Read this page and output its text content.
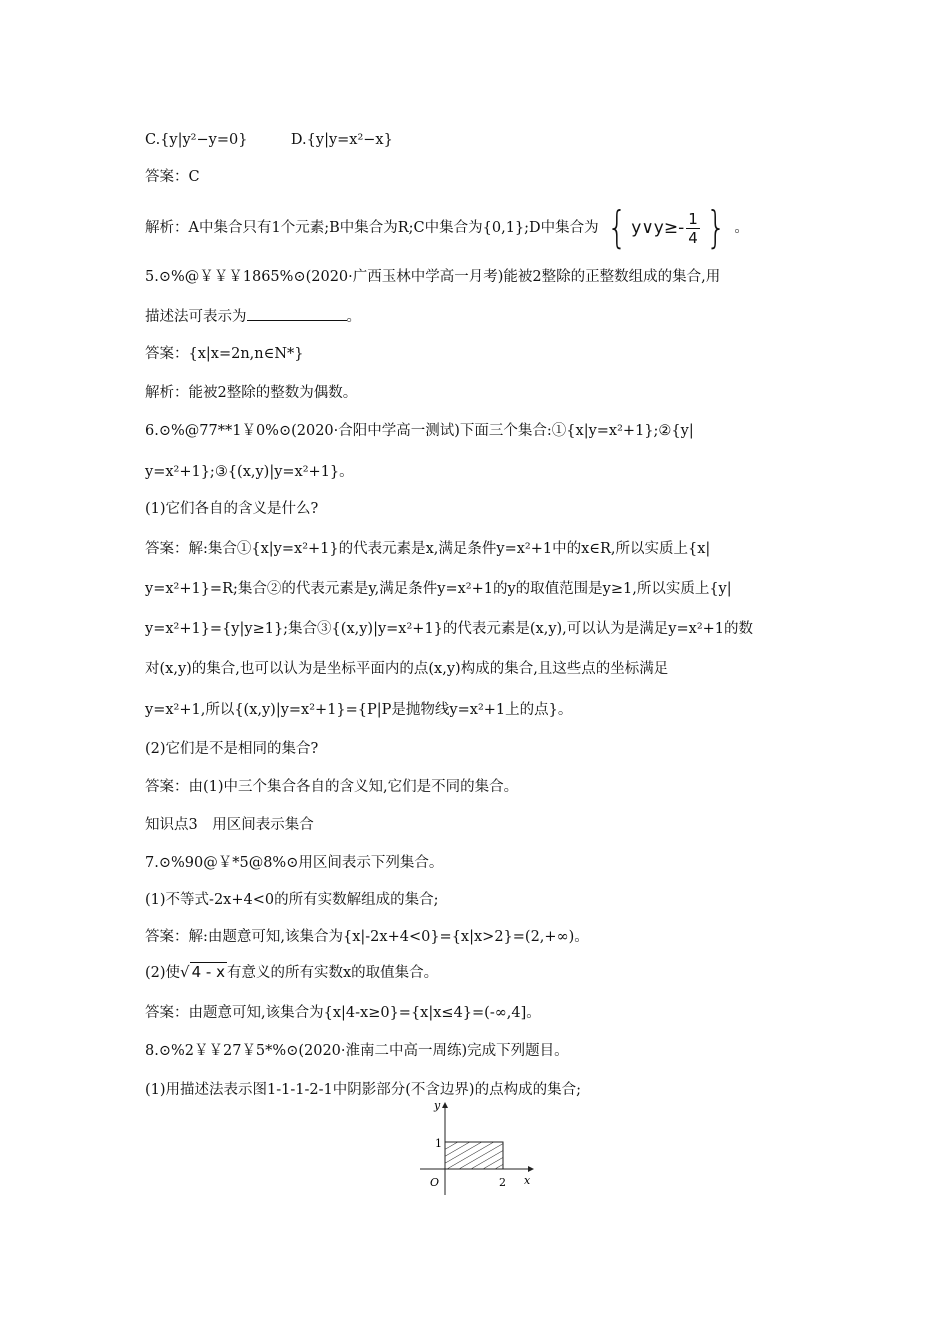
C.{y|y²−y=0}　　　D.{y|y=x²−x}
答案：C
解析：A中集合只有1个元素;B中集合为R;C中集合为{0,1};D中集合为 { y∨y≥- $\frac{1}{4}$ } 。
5.⊙%@￥￥￥1865%⊙(2020·广西玉林中学高一月考)能被2整除的正整数组成的集合,用
描述法可表示为	。
答案：{x|x=2n,n∈N*}
解析：能被2整除的整数为偶数。
6.⊙%@77**1￥0%⊙(2020·合阳中学高一测试)下面三个集合:①{x|y=x²+1};②{y|
y=x²+1};③{(x,y)|y=x²+1}。
(1)它们各自的含义是什么?
答案：解:集合①{x|y=x²+1}的代表元素是x,满足条件y=x²+1中的x∈R,所以实质上{x|
y=x²+1}=R;集合②的代表元素是y,满足条件y=x²+1的y的取值范围是y≥1,所以实质上{y|
y=x²+1}={y|y≥1};集合③{(x,y)|y=x²+1}的代表元素是(x,y),可以认为是满足y=x²+1的数
对(x,y)的集合,也可以认为是坐标平面内的点(x,y)构成的集合,且这些点的坐标满足
y=x²+1,所以{(x,y)|y=x²+1}={P|P是抛物线y=x²+1上的点}。
(2)它们是不是相同的集合?
答案：由(1)中三个集合各自的含义知,它们是不同的集合。
知识点3　用区间表示集合
7.⊙%90@￥*5@8%⊙用区间表示下列集合。
(1)不等式-2x+4<0的所有实数解组成的集合;
答案：解:由题意可知,该集合为{x|-2x+4<0}={x|x>2}=(2,+∞)。
(2)使√ 4 - x 有意义的所有实数x的取值集合。
答案：由题意可知,该集合为{x|4-x≥0}={x|x≤4}=(-∞,4]。
8.⊙%2￥￥27￥5*%⊙(2020·淮南二中高一周练)完成下列题目。
(1)用描述法表示图1-1-1-2-1中阴影部分(不含边界)的点构成的集合;
y
x
O
1
2
